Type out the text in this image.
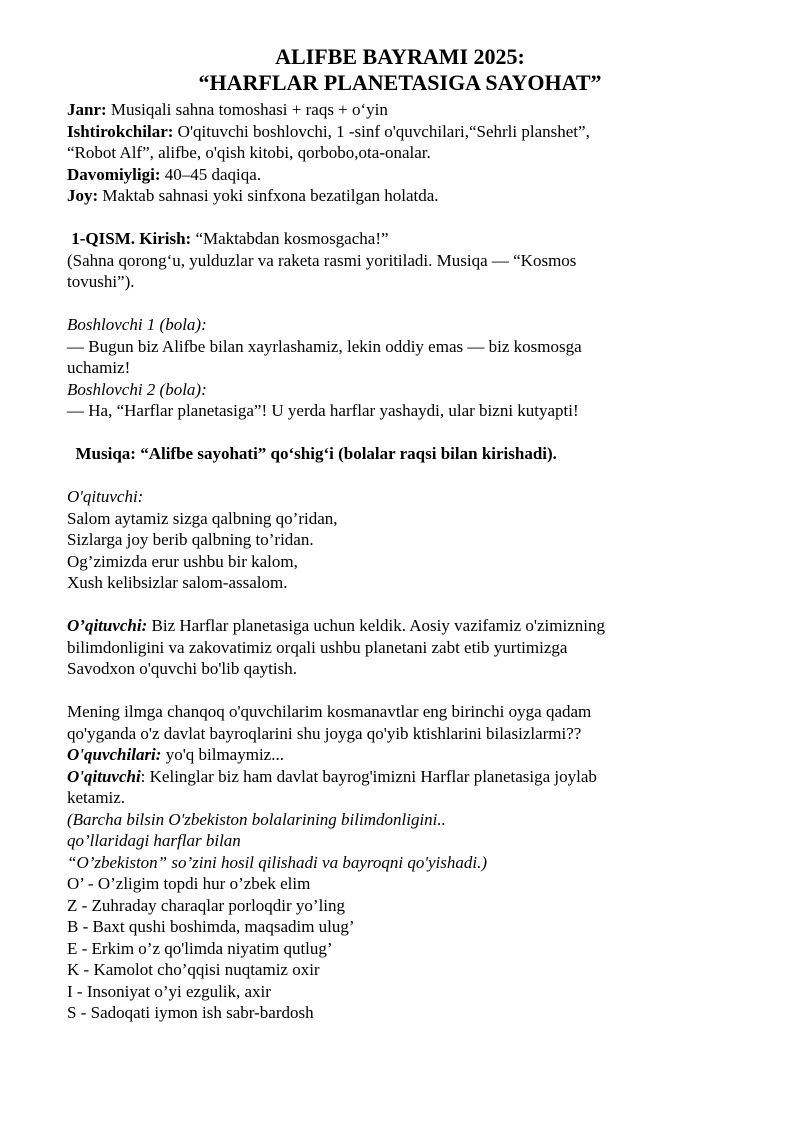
ALIFBE BAYRAMI 2025:
“HARFLAR PLANETASIGA SAYOHAT”
Janr: Musiqali sahna tomoshasi + raqs + o‘yin
Ishtirokchilar: O'qituvchi boshlovchi, 1 -sinf o'quvchilari,“Sehrli planshet”,
“Robot Alf”, alifbe, o'qish kitobi, qorbobo,ota-onalar.
Davomiyligi: 40–45 daqiqa.
Joy: Maktab sahnasi yoki sinfxona bezatilgan holatda.
1-QISM. Kirish: “Maktabdan kosmosgacha!”
(Sahna qorong‘u, yulduzlar va raketa rasmi yoritiladi. Musiqa — “Kosmos
tovushi”).
Boshlovchi 1 (bola):
— Bugun biz Alifbe bilan xayrlashamiz, lekin oddiy emas — biz kosmosga
uchamiz!
Boshlovchi 2 (bola):
— Ha, “Harflar planetasiga”! U yerda harflar yashaydi, ular bizni kutyapti!
Musiqa: “Alifbe sayohati” qo‘shig‘i (bolalar raqsi bilan kirishadi).
O'qituvchi:
Salom aytamiz sizga qalbning qo’ridan,
Sizlarga joy berib qalbning to’ridan.
Og’zimizda erur ushbu bir kalom,
Xush kelibsizlar salom-assalom.
O’qituvchi: Biz Harflar planetasiga uchun keldik. Aosiy vazifamiz o'zimizning
bilimdonligini va zakovatimiz orqali ushbu planetani zabt etib yurtimizga
Savodxon o'quvchi bo'lib qaytish.
Mening ilmga chanqoq o'quvchilarim kosmanavtlar eng birinchi oyga qadam
qo'yganda o'z davlat bayroqlarini shu joyga qo'yib ktishlarini bilasizlarmi??
O'quvchilari: yo'q bilmaymiz...
O'qituvchi: Kelinglar biz ham davlat bayrog'imizni Harflar planetasiga joylab
ketamiz.
(Barcha bilsin O'zbekiston bolalarining bilimdonligini..
qo’llaridagi harflar bilan
“O’zbekiston” so’zini hosil qilishadi va bayroqni qo'yishadi.)
O’ - O’zligim topdi hur o’zbek elim
Z - Zuhraday charaqlar porloqdir yo’ling
B - Baxt qushi boshimda, maqsadim ulug’
E - Erkim o’z qo'limda niyatim qutlug’
K - Kamolot cho’qqisi nuqtamiz oxir
I - Insoniyat o’yi ezgulik, axir
S - Sadoqati iymon ish sabr-bardosh
